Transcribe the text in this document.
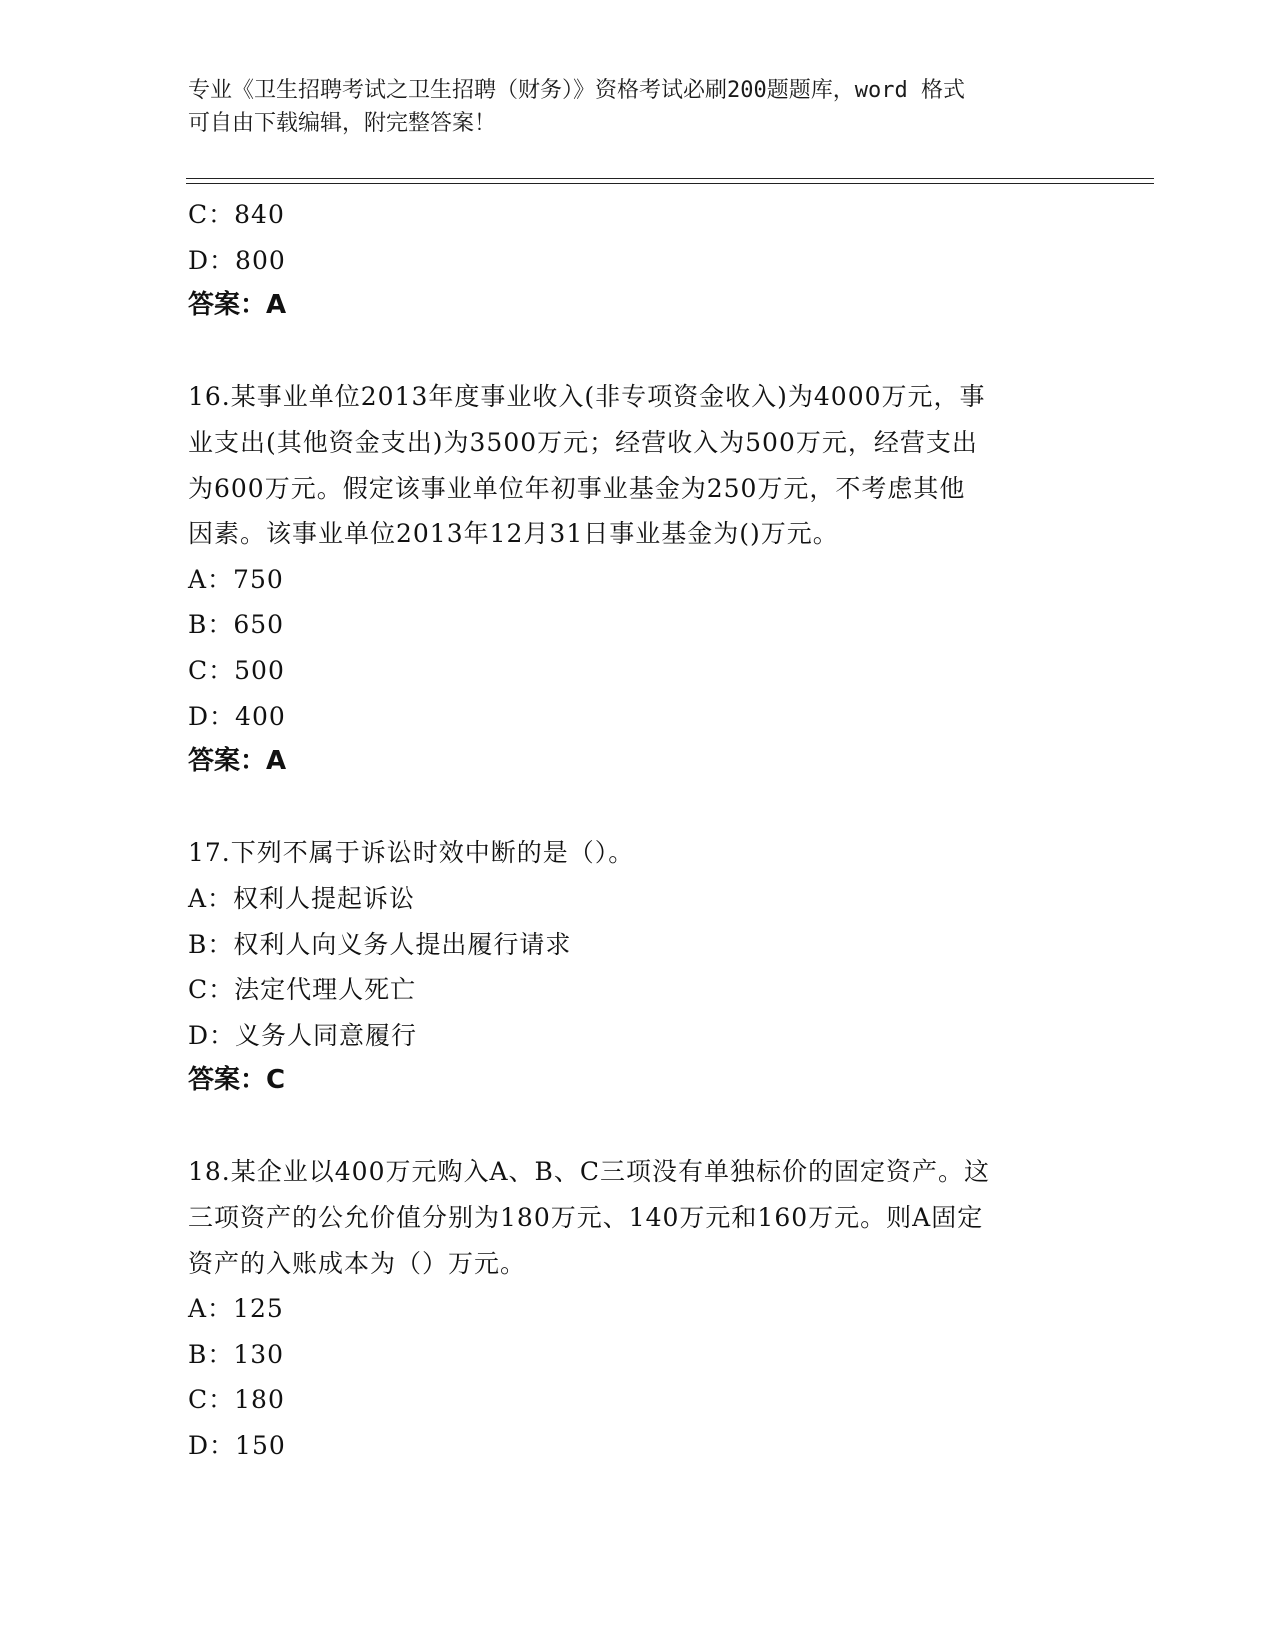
专业《卫生招聘考试之卫生招聘（财务）》资格考试必刷200题题库，word 格式
可自由下载编辑，附完整答案！
C：840
D：800
答案：A
16.某事业单位2013年度事业收入(非专项资金收入)为4000万元，事
业支出(其他资金支出)为3500万元；经营收入为500万元，经营支出
为600万元。假定该事业单位年初事业基金为250万元，不考虑其他
因素。该事业单位2013年12月31日事业基金为()万元。
A：750
B：650
C：500
D：400
答案：A
17.下列不属于诉讼时效中断的是（）。
A：权利人提起诉讼
B：权利人向义务人提出履行请求
C：法定代理人死亡
D：义务人同意履行
答案：C
18.某企业以400万元购入A、B、C三项没有单独标价的固定资产。这
三项资产的公允价值分别为180万元、140万元和160万元。则A固定
资产的入账成本为（）万元。
A：125
B：130
C：180
D：150
